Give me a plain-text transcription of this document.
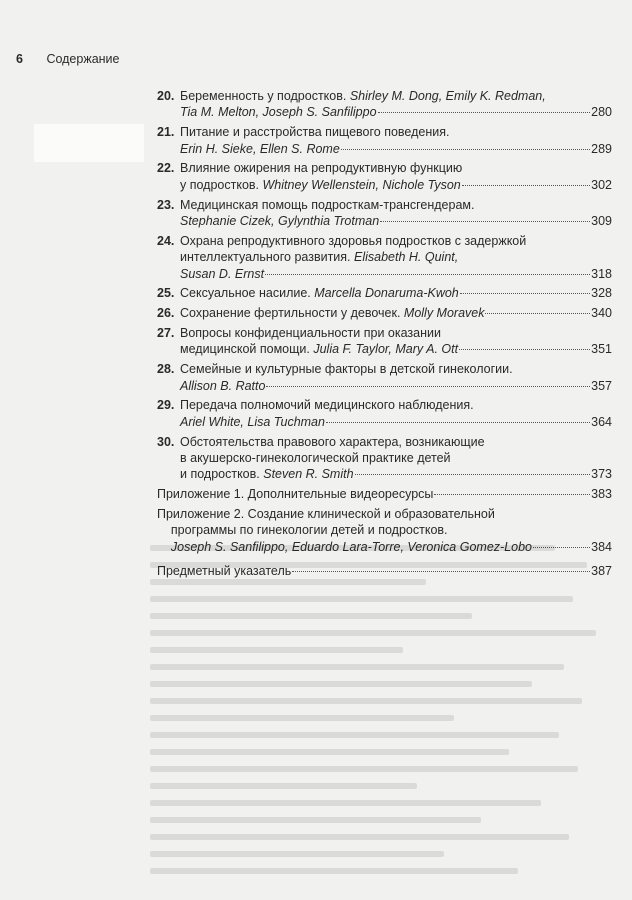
6 Содержание
20. Беременность у подростков. Shirley M. Dong, Emily K. Redman,
Tia M. Melton, Joseph S. Sanfilippo	280
21. Питание и расстройства пищевого поведения.
Erin H. Sieke, Ellen S. Rome	289
22. Влияние ожирения на репродуктивную функцию
у подростков. Whitney Wellenstein, Nichole Tyson	302
23. Медицинская помощь подросткам-трансгендерам.
Stephanie Cizek, Gylynthia Trotman	309
24. Охрана репродуктивного здоровья подростков с задержкой
интеллектуального развития. Elisabeth H. Quint,
Susan D. Ernst	318
25. Сексуальное насилие. Marcella Donaruma-Kwoh	328
26. Сохранение фертильности у девочек. Molly Moravek	340
27. Вопросы конфиденциальности при оказании
медицинской помощи. Julia F. Taylor, Mary A. Ott	351
28. Семейные и культурные факторы в детской гинекологии.
Allison B. Ratto	357
29. Передача полномочий медицинского наблюдения.
Ariel White, Lisa Tuchman	364
30. Обстоятельства правового характера, возникающие
в акушерско-гинекологической практике детей
и подростков. Steven R. Smith	373
Приложение 1. Дополнительные видеоресурсы	383
Приложение 2. Создание клинической и образовательной
программы по гинекологии детей и подростков.
Joseph S. Sanfilippo, Eduardo Lara-Torre, Veronica Gomez-Lobo	384
Предметный указатель	387
